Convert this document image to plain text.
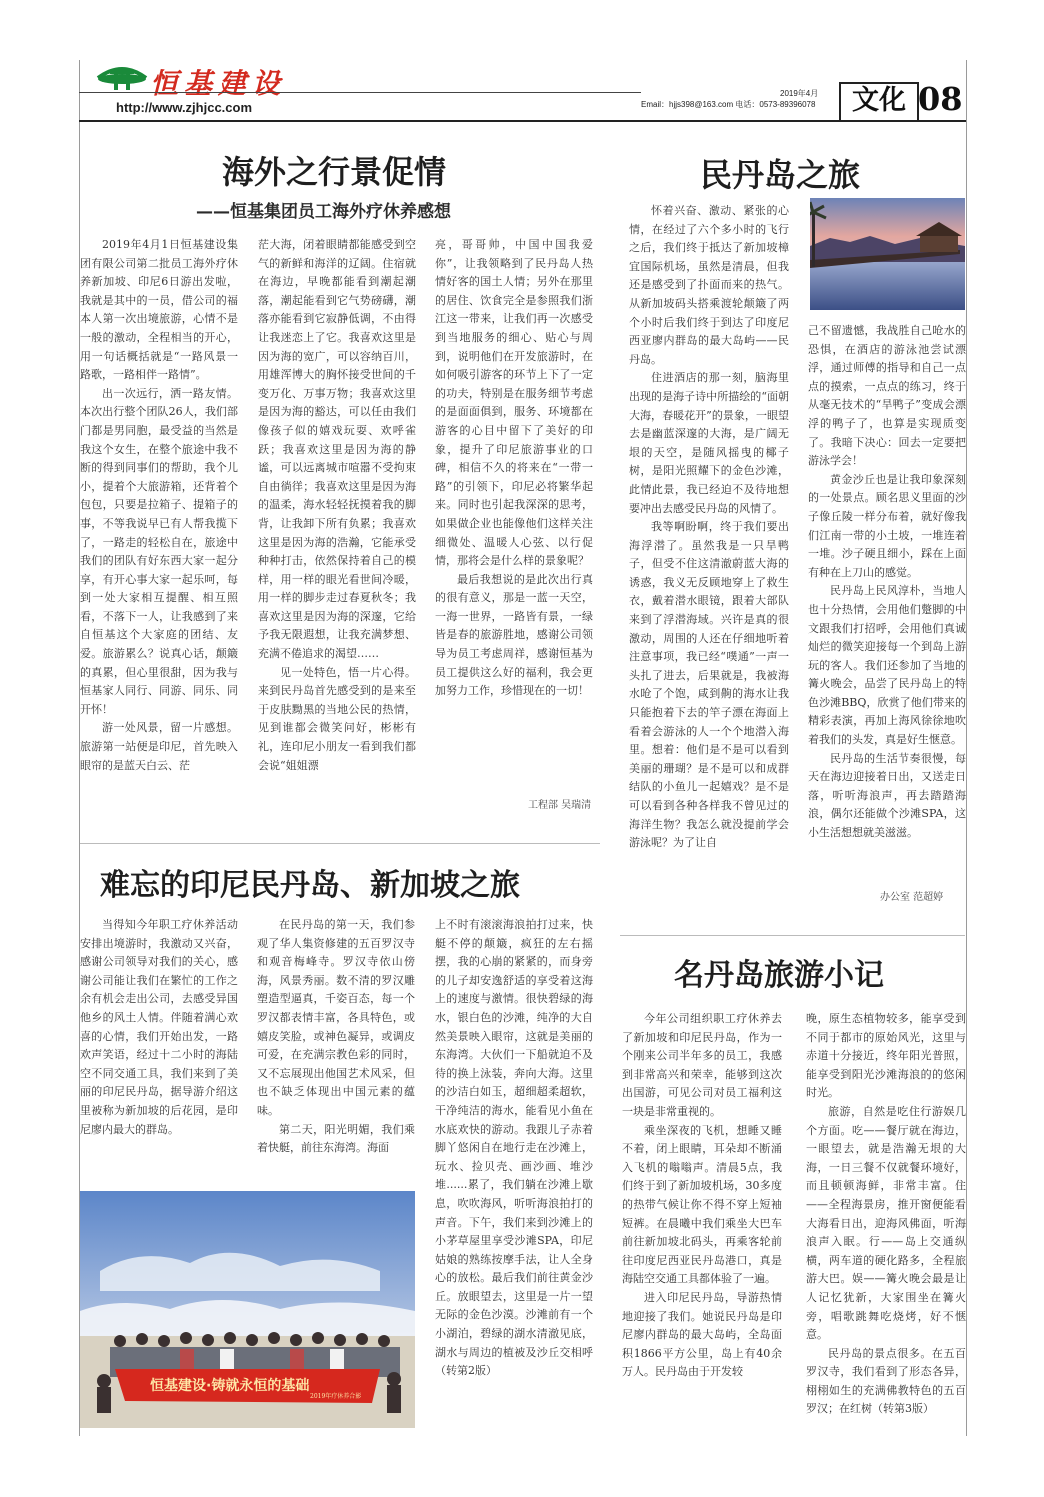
恒基建设
http://www.zjhjcc.com
2019年4月
Email：hjjs398@163.com 电话：0573-89396078	文化 08
海外之行景促情
——恒基集团员工海外疗休养感想

2019年4月1日恒基建设集团有限公司第二批员工海外疗休养新加坡、印尼6日游出发啦，我就是其中的一员，借公司的福本人第一次出境旅游，心情不是一般的激动，全程相当的开心，用一句话概括就是“一路风景一路歌，一路相伴一路情”。

出一次远行，洒一路友情。本次出行整个团队26人，我们部门都是男同胞，最受益的当然是我这个女生，在整个旅途中我不断的得到同事们的帮助，我个儿小，提着个大旅游箱，还背着个包包，只要是拉箱子、提箱子的事，不等我说早已有人帮我揽下了，一路走的轻松自在，旅途中我们的团队有好东西大家一起分享，有开心事大家一起乐呵，每到一处大家相互提醒、相互照看，不落下一人，让我感到了来自恒基这个大家庭的团结、友爱。旅游累么？说真心话，颠簸的真累，但心里很甜，因为我与恒基家人同行、同游、同乐、同开怀！

游一处风景，留一片感想。旅游第一站便是印尼，首先映入眼帘的是蓝天白云、茫

茫大海，闭着眼睛都能感受到空气的新鲜和海洋的辽阔。住宿就在海边，早晚都能看到潮起潮落，潮起能看到它气势磅礴，潮落亦能看到它寂静低调，不由得让我迷恋上了它。我喜欢这里是因为海的宽广，可以容纳百川，用雄浑博大的胸怀接受世间的千变万化、万事万物；我喜欢这里是因为海的豁达，可以任由我们像孩子似的嬉戏玩耍、欢呼雀跃；我喜欢这里是因为海的静谧，可以远离城市喧嚣不受拘束自由徜徉；我喜欢这里是因为海的温柔，海水轻轻抚摸着我的脚背，让我卸下所有负累；我喜欢这里是因为海的浩瀚，它能承受种种打击，依然保持着自己的模样，用一样的眼光看世间冷暖，用一样的脚步走过春夏秋冬；我喜欢这里是因为海的深邃，它给予我无限遐想，让我充满梦想、充满不倦追求的渴望……

见一处特色，悟一片心得。来到民丹岛首先感受到的是来至于皮肤黝黑的当地公民的热情，见到谁都会微笑问好，彬彬有礼，连印尼小朋友一看到我们都会说“姐姐漂

亮，哥哥帅，中国中国我爱你”，让我领略到了民丹岛人热情好客的国土人情；另外在那里的居住、饮食完全是参照我们浙江这一带来，让我们再一次感受到当地服务的细心、贴心与周到，说明他们在开发旅游时，在如何吸引游客的环节上下了一定的功夫，特别是在服务细节考虑的是面面俱到，服务、环境都在游客的心目中留下了美好的印象，提升了印尼旅游事业的口碑，相信不久的将来在“一带一路”的引领下，印尼必将繁华起来。同时也引起我深深的思考，如果做企业也能像他们这样关注细微处、温暖人心弦、以行促情，那将会是什么样的景象呢？

最后我想说的是此次出行真的很有意义，那是一蓝一天空，一海一世界，一路皆有景，一绿皆是春的旅游胜地，感谢公司领导为员工考虑周祥，感谢恒基为员工提供这么好的福利，我会更加努力工作，珍惜现在的一切！

工程部 吴瑞清
民丹岛之旅

怀着兴奋、激动、紧张的心情，在经过了六个多小时的飞行之后，我们终于抵达了新加坡樟宜国际机场，虽然是清晨，但我还是感受到了扑面而来的热气。从新加坡码头搭乘渡轮颠簸了两个小时后我们终于到达了印度尼西亚廖内群岛的最大岛屿——民丹岛。

住进酒店的那一刻，脑海里出现的是海子诗中所描绘的“面朝大海，春暖花开”的景象，一眼望去是幽蓝深邃的大海，是广阔无垠的天空，是随风摇曳的椰子树，是阳光照耀下的金色沙滩，此情此景，我已经迫不及待地想要冲出去感受民丹岛的风情了。

我等啊盼啊，终于我们要出海浮潜了。虽然我是一只旱鸭子，但受不住这清澈蔚蓝大海的诱惑，我义无反顾地穿上了救生衣，戴着潜水眼镜，跟着大部队来到了浮潜海域。兴许是真的很激动，周围的人还在仔细地听着注意事项，我已经“噗通”一声一头扎了进去，后果就是，我被海水呛了个饱，咸到齁的海水让我只能抱着下去的竿子漂在海面上看着会游泳的人一个个地潜入海里。想着：他们是不是可以看到美丽的珊瑚？是不是可以和成群结队的小鱼儿一起嬉戏？是不是可以看到各种各样我不曾见过的海洋生物？我怎么就没提前学会游泳呢？为了让自

己不留遗憾，我战胜自己呛水的恐惧，在酒店的游泳池尝试漂浮，通过师傅的指导和自己一点点的摸索，一点点的练习，终于从毫无技术的“旱鸭子”变成会漂浮的鸭子了，也算是实现质变了。我暗下决心：回去一定要把游泳学会！

黄金沙丘也是让我印象深刻的一处景点。顾名思义里面的沙子像丘陵一样分布着，就好像我们江南一带的小土坡，一堆连着一堆。沙子硬且细小，踩在上面有种在上刀山的感觉。

民丹岛上民风淳朴，当地人也十分热情，会用他们蹩脚的中文跟我们打招呼，会用他们真诚灿烂的微笑迎接每一个到岛上游玩的客人。我们还参加了当地的篝火晚会，品尝了民丹岛上的特色沙滩BBQ，欣赏了他们带来的精彩表演，再加上海风徐徐地吹着我们的头发，真是好生惬意。

民丹岛的生活节奏很慢，每天在海边迎接着日出，又送走日落，听听海浪声，再去踏踏海浪，偶尔还能做个沙滩SPA，这小生活想想就美滋滋。

办公室 范超婷
难忘的印尼民丹岛、新加坡之旅

当得知今年职工疗休养活动安排出境游时，我激动又兴奋，感谢公司领导对我们的关心，感谢公司能让我们在繁忙的工作之余有机会走出公司，去感受异国他乡的风土人情。伴随着满心欢喜的心情，我们开始出发，一路欢声笑语，经过十二小时的海陆空不同交通工具，我们来到了美丽的印尼民丹岛，据导游介绍这里被称为新加坡的后花园，是印尼廖内最大的群岛。

在民丹岛的第一天，我们参观了华人集资修建的五百罗汉寺和观音梅峰寺。罗汉寺依山傍海，风景秀丽。数不清的罗汉雕塑造型逼真，千姿百态，每一个罗汉都表情丰富，各具特色，或嬉皮笑脸，或神色凝异，或调皮可爱，在充满宗教色彩的同时，又不忘展现出他国艺术风采，但也不缺乏体现出中国元素的蕴味。

第二天，阳光明媚，我们乘着快艇，前往东海湾。海面

上不时有滚滚海浪拍打过来，快艇不停的颠簸，疯狂的左右摇摆，我的心崩的紧紧的，而身旁的儿子却安逸舒适的享受着这海上的速度与激情。很快碧绿的海水，银白色的沙滩，纯净的大自然美景映入眼帘，这就是美丽的东海湾。大伙们一下船就迫不及待的换上泳装，奔向大海。这里的沙洁白如玉，超细超柔超软，干净纯洁的海水，能看见小鱼在水底欢快的游动。我跟儿子赤着脚丫悠闲自在地行走在沙滩上，玩水、捡贝壳、画沙画、堆沙堆......累了，我们躺在沙滩上歇息，吹吹海风，听听海浪拍打的声音。下午，我们来到沙滩上的小茅草屋里享受沙滩SPA，印尼姑娘的熟练按摩手法，让人全身心的放松。最后我们前往黄金沙丘。放眼望去，这里是一片一望无际的金色沙漠。沙滩前有一个小湖泊，碧绿的湖水清澈见底，湖水与周边的植被及沙丘交相呼（转第2版）

恒基建设·铸就永恒的基础
2019年疗休养合影
名丹岛旅游小记

今年公司组织职工疗休养去了新加坡和印尼民丹岛，作为一个刚来公司半年多的员工，我感到非常高兴和荣幸，能够到这次出国游，可见公司对员工福利这一块是非常重视的。

乘坐深夜的飞机，想睡又睡不着，闭上眼睛，耳朵却不断涌入飞机的嗡嗡声。清晨5点，我们终于到了新加坡机场，30多度的热带气候让你不得不穿上短袖短裤。在晨曦中我们乘坐大巴车前往新加坡北码头，再乘客轮前往印度尼西亚民丹岛港口，真是海陆空交通工具都体验了一遍。

进入印尼民丹岛，导游热情地迎接了我们。她说民丹岛是印尼廖内群岛的最大岛屿，全岛面积1866平方公里，岛上有40余万人。民丹岛由于开发较

晚，原生态植物较多，能享受到不同于都市的原始风光，这里与赤道十分接近，终年阳光普照，能享受到阳光沙滩海浪的的悠闲时光。

旅游，自然是吃住行游娱几个方面。吃——餐厅就在海边，一眼望去，就是浩瀚无垠的大海，一日三餐不仅就餐环境好，而且顿顿海鲜，非常丰富。住——全程海景房，推开窗便能看大海看日出，迎海风佛面，听海浪声入眠。行——岛上交通纵横，两车道的硬化路多，全程旅游大巴。娱——篝火晚会最是让人记忆犹新，大家围坐在篝火旁，唱歌跳舞吃烧烤，好不惬意。

民丹岛的景点很多。在五百罗汉寺，我们看到了形态各异，栩栩如生的充满佛教特色的五百罗汉；在红树（转第3版）
